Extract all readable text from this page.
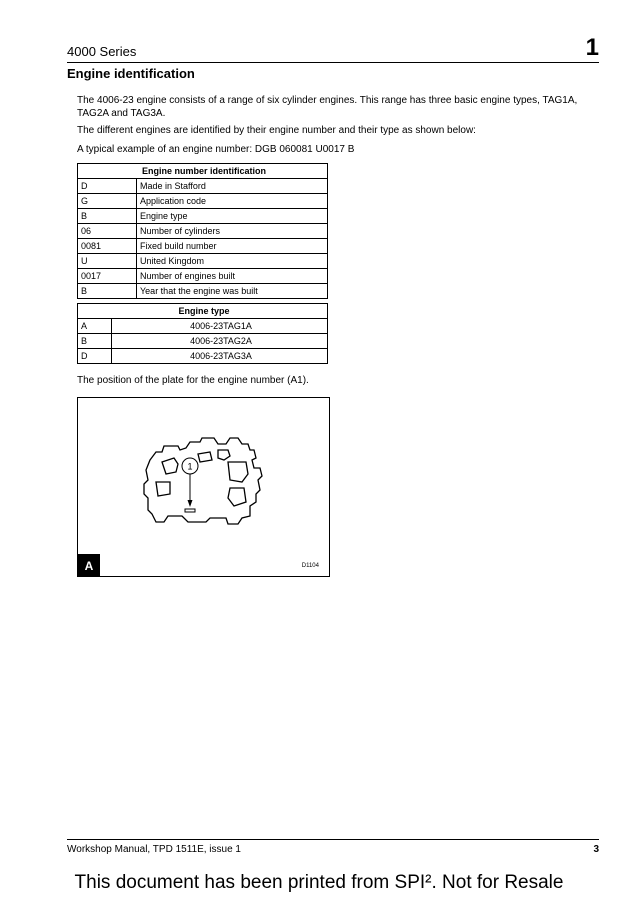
4000 Series	1
Engine identification
The 4006-23 engine consists of a range of six cylinder engines. This range has three basic engine types, TAG1A, TAG2A and TAG3A.
The different engines are identified by their engine number and their type as shown below:
A typical example of an engine number: DGB 060081 U0017 B
Engine number identification	
D	Made in Stafford
G	Application code
B	Engine type
06	Number of cylinders
0081	Fixed build number
U	United Kingdom
0017	Number of engines built
B	Year that the engine was built
Engine type	
A	4006-23TAG1A
B	4006-23TAG2A
D	4006-23TAG3A
The position of the plate for the engine number (A1).
1
A	D1104
Workshop Manual, TPD 1511E, issue 1	3
This document has been printed from SPI². Not for Resale
